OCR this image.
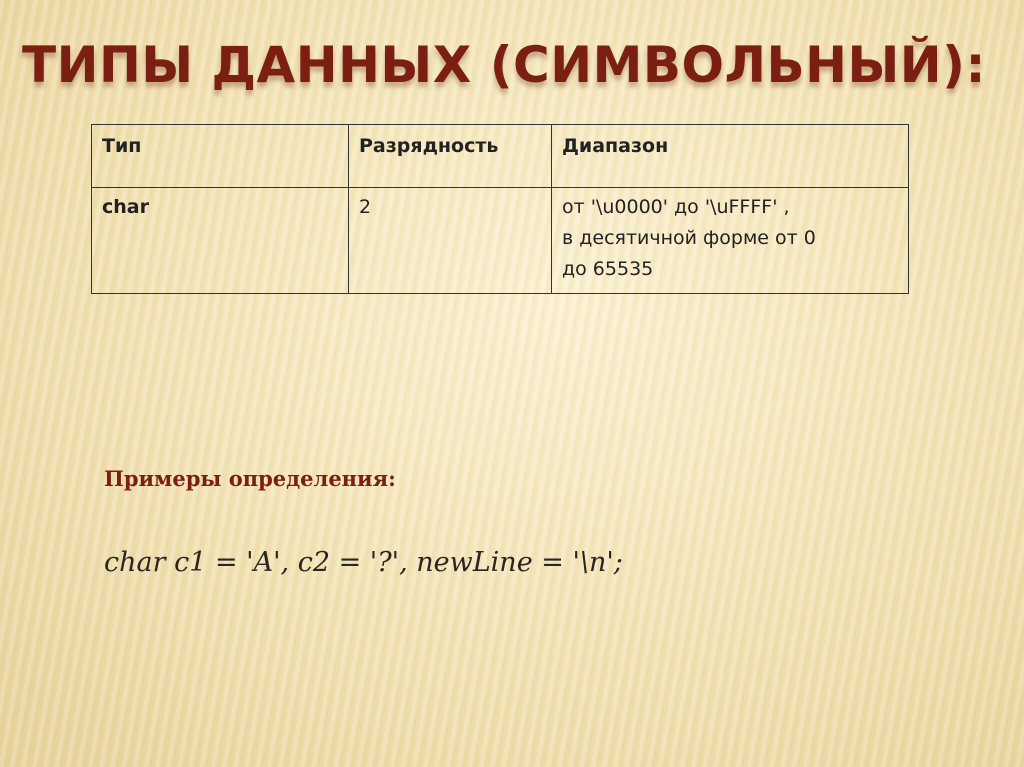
ТИПЫ ДАННЫХ (СИМВОЛЬНЫЙ):
Тип	Разрядность	Диапазон
char	2	от '\u0000' до '\uFFFF' ,
в десятичной форме от 0
до 65535
Примеры определения:
char c1 = 'A', c2 = '?', newLine = '\n';
